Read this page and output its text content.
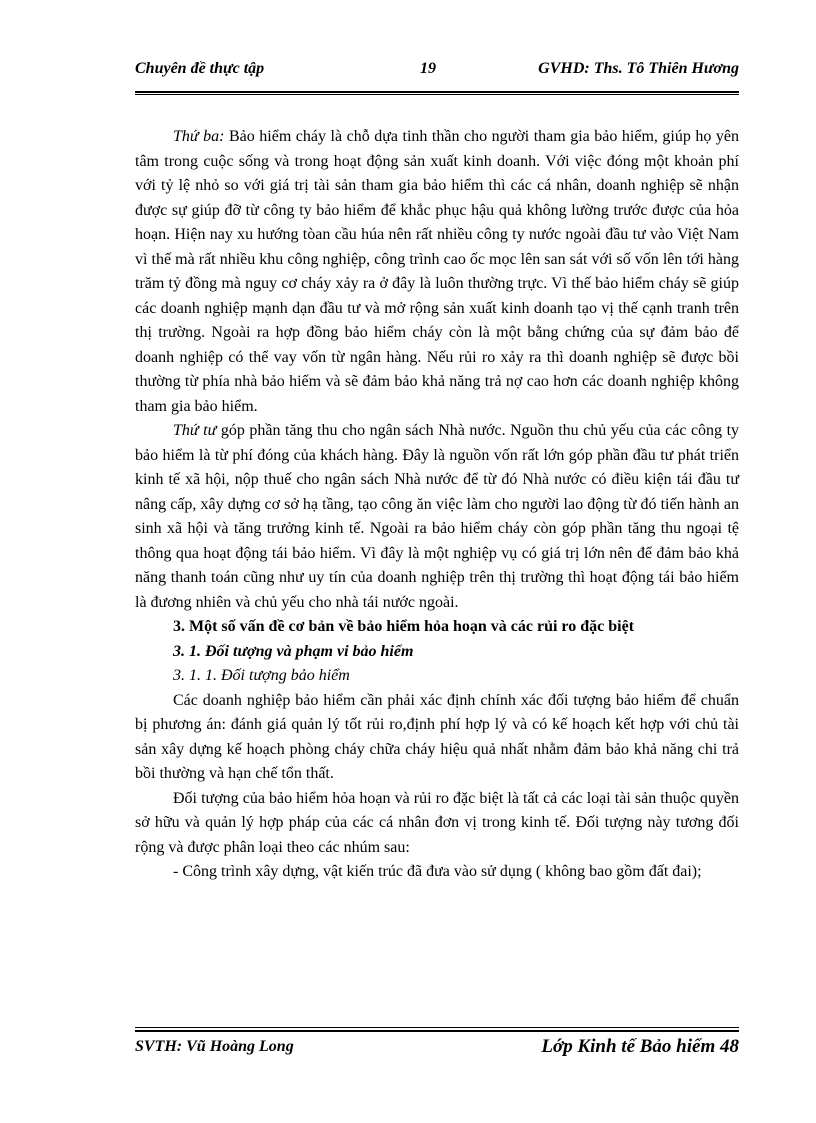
Chuyên đề thực tập	19	GVHD: Ths. Tô Thiên Hương

Thứ ba: Bảo hiểm cháy là chỗ dựa tinh thần cho người tham gia bảo hiểm, giúp họ yên tâm trong cuộc sống và trong hoạt động sản xuất kinh doanh. Với việc đóng một khoản phí với tỷ lệ nhỏ so với giá trị tài sản tham gia bảo hiểm thì các cá nhân, doanh nghiệp sẽ nhận được sự giúp đỡ từ công ty bảo hiểm để khắc phục hậu quả không lường trước được của hỏa hoạn. Hiện nay xu hướng tòan cầu húa nên rất nhiều công ty nước ngoài đầu tư vào Việt Nam vì thế mà rất nhiều khu công nghiệp, công trình cao ốc mọc lên san sát với số vốn lên tới hàng trăm tỷ đồng mà nguy cơ cháy xảy ra ở đây là luôn thường trực. Vì thế bảo hiểm cháy sẽ giúp các doanh nghiệp mạnh dạn đầu tư và mở rộng sản xuất kinh doanh tạo vị thế cạnh tranh trên thị trường. Ngoài ra hợp đồng bảo hiểm cháy còn là một bằng chứng của sự đảm bảo để doanh nghiệp có thể vay vốn từ ngân hàng. Nếu rủi ro xảy ra thì doanh nghiệp sẽ được bồi thường từ phía nhà bảo hiểm và sẽ đảm bảo khả năng trả nợ cao hơn các doanh nghiệp không tham gia bảo hiểm.

Thứ tư góp phần tăng thu cho ngân sách Nhà nước. Nguồn thu chủ yếu của các công ty bảo hiểm là từ phí đóng của khách hàng. Đây là nguồn vốn rất lớn góp phần đầu tư phát triển kinh tế xã hội, nộp thuế cho ngân sách Nhà nước để từ đó Nhà nước có điều kiện tái đầu tư nâng cấp, xây dựng cơ sở hạ tầng, tạo công ăn việc làm cho người lao động từ đó tiến hành an sinh xã hội và tăng trưởng kinh tế. Ngoài ra bảo hiểm cháy còn góp phần tăng thu ngoại tệ thông qua hoạt động tái bảo hiểm. Vì đây là một nghiệp vụ có giá trị lớn nên để đảm bảo khả năng thanh toán cũng như uy tín của doanh nghiệp trên thị trường thì hoạt động tái bảo hiểm là đương nhiên và chủ yếu cho nhà tái nước ngoài.

3. Một số vấn đề cơ bản về bảo hiểm hỏa hoạn và các rủi ro đặc biệt

3. 1. Đối tượng và phạm vi bảo hiểm

3. 1. 1. Đối tượng bảo hiểm

Các doanh nghiệp bảo hiểm cần phải xác định chính xác đối tượng bảo hiểm để chuẩn bị phương án: đánh giá quản lý tốt rủi ro,định phí hợp lý và có kế hoạch kết hợp với chủ tài sản xây dựng kế hoạch phòng cháy chữa cháy hiệu quả nhất nhằm đảm bảo khả năng chi trả bồi thường và hạn chế tổn thất.

Đối tượng của bảo hiểm hỏa hoạn và rủi ro đặc biệt là tất cả các loại tài sản thuộc quyền sở hữu và quản lý hợp pháp của các cá nhân đơn vị trong kinh tế. Đối tượng này tương đối rộng và được phân loại theo các nhúm sau:

- Công trình xây dựng, vật kiến trúc đã đưa vào sử dụng ( không bao gồm đất đai);

SVTH: Vũ Hoàng Long	Lớp Kinh tế Bảo hiểm 48
